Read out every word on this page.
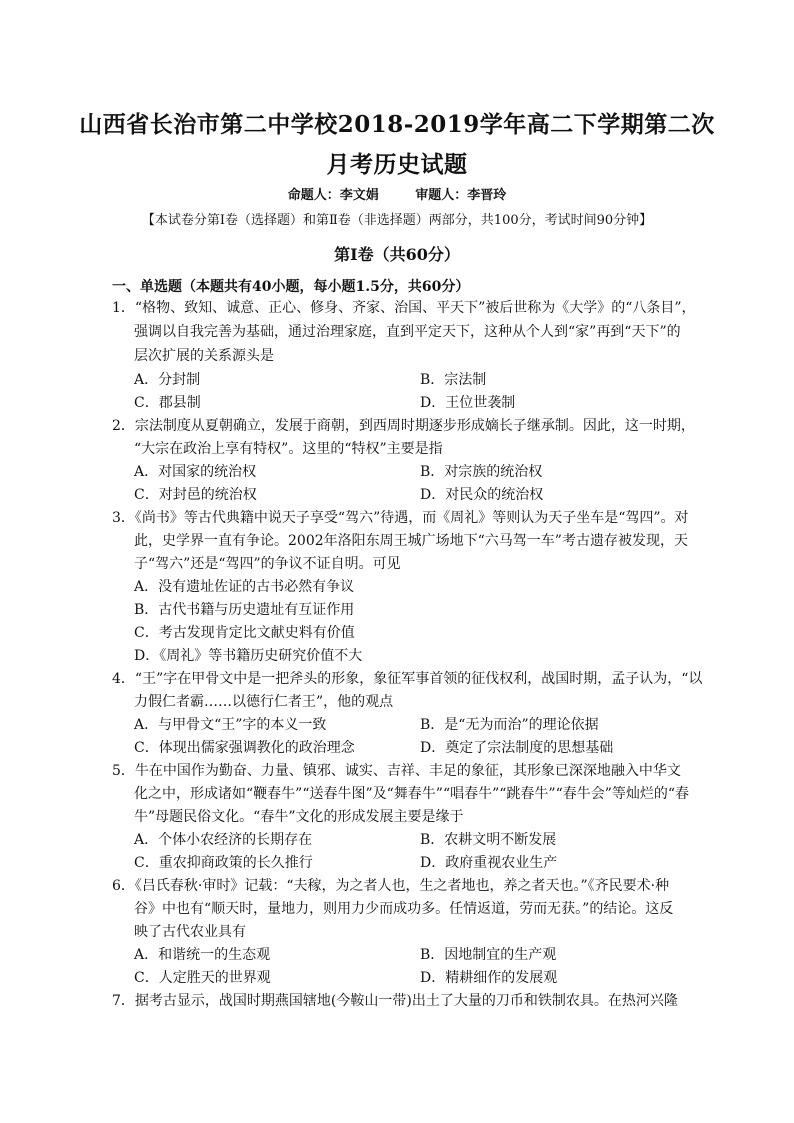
山西省长治市第二中学校2018-2019学年高二下学期第二次
月考历史试题
命题人：李文娟	审题人：李晋玲
【本试卷分第Ⅰ卷（选择题）和第Ⅱ卷（非选择题）两部分，共100分，考试时间90分钟】
第Ⅰ卷（共60分）
一、单选题（本题共有40小题，每小题1.5分，共60分）
1．“格物、致知、诚意、正心、修身、齐家、治国、平天下”被后世称为《大学》的“八条目”，
强调以自我完善为基础，通过治理家庭，直到平定天下，这种从个人到“家”再到“天下”的
层次扩展的关系源头是
A．分封制	B．宗法制
C．郡县制	D．王位世袭制
2．宗法制度从夏朝确立，发展于商朝，到西周时期逐步形成嫡长子继承制。因此，这一时期，
“大宗在政治上享有特权”。这里的“特权”主要是指
A．对国家的统治权	B．对宗族的统治权
C．对封邑的统治权	D．对民众的统治权
3．《尚书》等古代典籍中说天子享受“驾六”待遇，而《周礼》等则认为天子坐车是“驾四”。对
此，史学界一直有争论。2002年洛阳东周王城广场地下“六马驾一车”考古遗存被发现，天
子“驾六”还是“驾四”的争议不证自明。可见
A．没有遗址佐证的古书必然有争议
B．古代书籍与历史遗址有互证作用
C．考古发现肯定比文献史料有价值
D．《周礼》等书籍历史研究价值不大
4．“王”字在甲骨文中是一把斧头的形象，象征军事首领的征伐权利，战国时期，孟子认为，“以
力假仁者霸……以德行仁者王”，他的观点
A．与甲骨文“王”字的本义一致	B．是“无为而治”的理论依据
C．体现出儒家强调教化的政治理念	D．奠定了宗法制度的思想基础
5．牛在中国作为勤奋、力量、镇邪、诚实、吉祥、丰足的象征，其形象已深深地融入中华文
化之中，形成诸如“鞭春牛”“送春牛图”及“舞春牛”“唱春牛”“跳春牛”“春牛会”等灿烂的“春
牛”母题民俗文化。“春牛”文化的形成发展主要是缘于
A．个体小农经济的长期存在	B．农耕文明不断发展
C．重农抑商政策的长久推行	D．政府重视农业生产
6．《吕氏春秋·审时》记载：“夫稼，为之者人也，生之者地也，养之者天也。”《齐民要术·种
谷》中也有“顺天时，量地力，则用力少而成功多。任情返道，劳而无获。”的结论。这反
映了古代农业具有
A．和谐统一的生态观	B．因地制宜的生产观
C．人定胜天的世界观	D．精耕细作的发展观
7．据考古显示，战国时期燕国辖地(今鞍山一带)出土了大量的刀币和铁制农具。在热河兴隆
